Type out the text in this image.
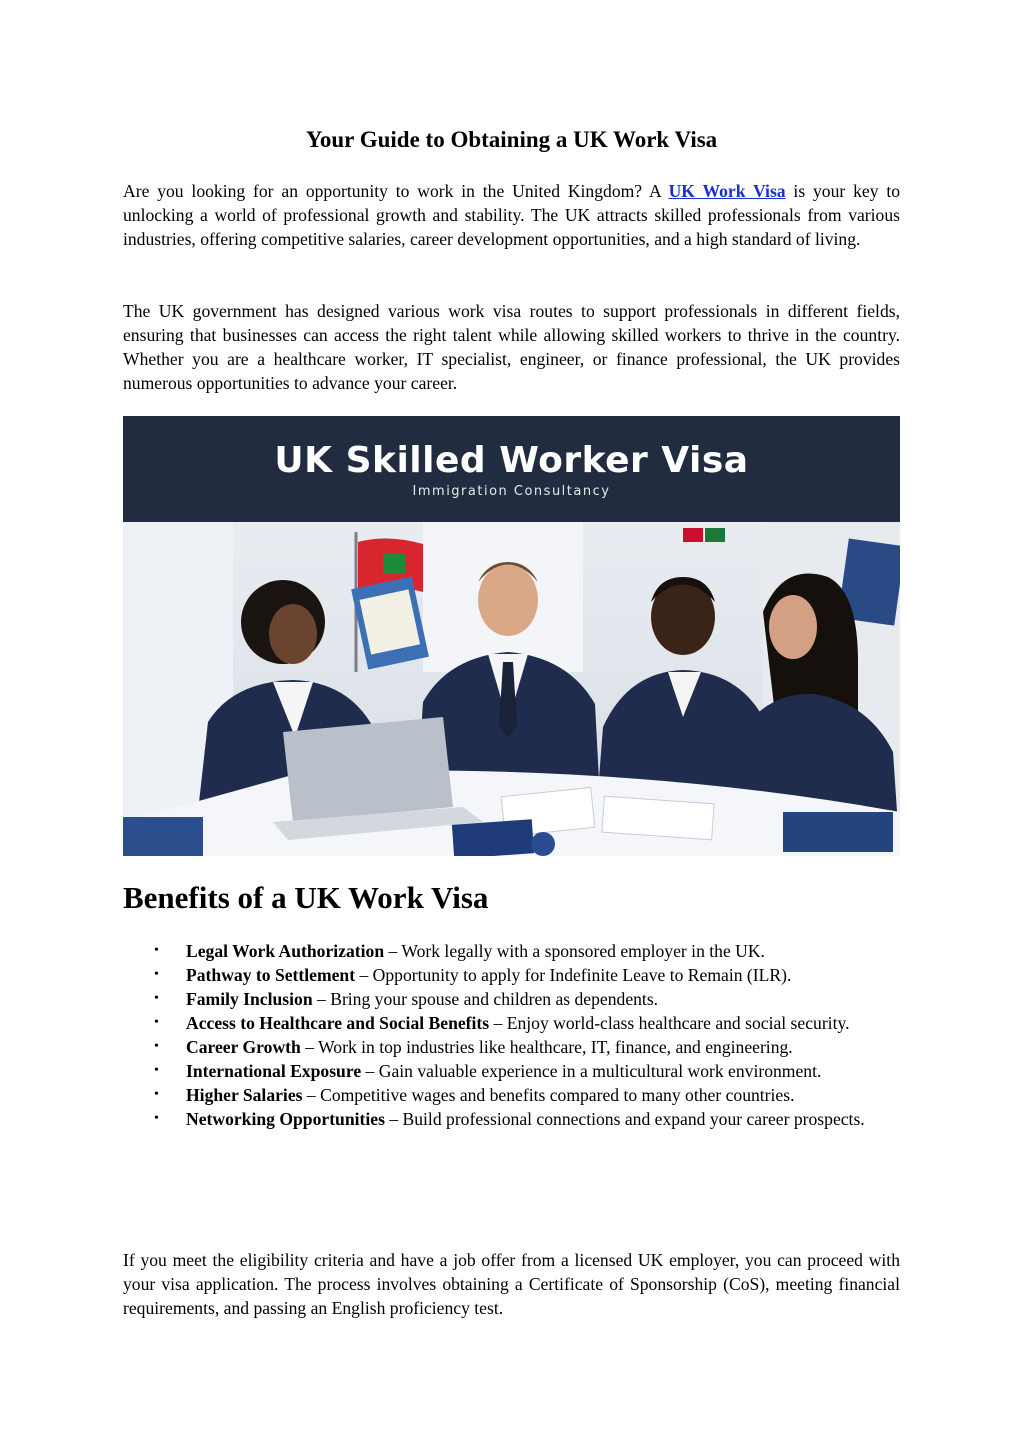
Your Guide to Obtaining a UK Work Visa

Are you looking for an opportunity to work in the United Kingdom? A UK Work Visa is your key to unlocking a world of professional growth and stability. The UK attracts skilled professionals from various industries, offering competitive salaries, career development opportunities, and a high standard of living.

The UK government has designed various work visa routes to support professionals in different fields, ensuring that businesses can access the right talent while allowing skilled workers to thrive in the country. Whether you are a healthcare worker, IT specialist, engineer, or finance professional, the UK provides numerous opportunities to advance your career.

UK Skilled Worker Visa
Immigration Consultancy
Benefits of a UK Work Visa
• Legal Work Authorization – Work legally with a sponsored employer in the UK.
• Pathway to Settlement – Opportunity to apply for Indefinite Leave to Remain (ILR).
• Family Inclusion – Bring your spouse and children as dependents.
• Access to Healthcare and Social Benefits – Enjoy world-class healthcare and social security.
• Career Growth – Work in top industries like healthcare, IT, finance, and engineering.
• International Exposure – Gain valuable experience in a multicultural work environment.
• Higher Salaries – Competitive wages and benefits compared to many other countries.
• Networking Opportunities – Build professional connections and expand your career prospects.

If you meet the eligibility criteria and have a job offer from a licensed UK employer, you can proceed with your visa application. The process involves obtaining a Certificate of Sponsorship (CoS), meeting financial requirements, and passing an English proficiency test.
